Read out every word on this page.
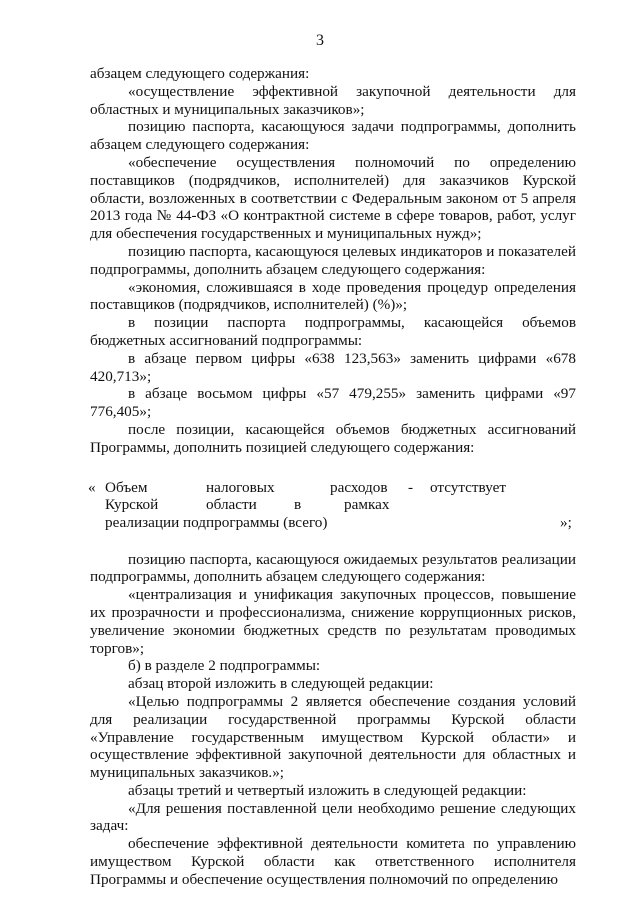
3

абзацем следующего содержания:

«осуществление эффективной закупочной деятельности для областных и муниципальных заказчиков»;

позицию паспорта, касающуюся задачи подпрограммы, дополнить абзацем следующего содержания:

«обеспечение осуществления полномочий по определению поставщиков (подрядчиков, исполнителей) для заказчиков Курской области, возложенных в соответствии с Федеральным законом от 5 апреля 2013 года № 44-ФЗ «О контрактной системе в сфере товаров, работ, услуг для обеспечения государственных и муниципальных нужд»;

позицию паспорта, касающуюся целевых индикаторов и показателей подпрограммы, дополнить абзацем следующего содержания:

«экономия, сложившаяся в ходе проведения процедур определения поставщиков (подрядчиков, исполнителей) (%)»;

в позиции паспорта подпрограммы, касающейся объемов бюджетных ассигнований подпрограммы:

в абзаце первом цифры «638 123,563» заменить цифрами «678 420,713»;

в абзаце восьмом цифры «57 479,255» заменить цифрами «97 776,405»;

после позиции, касающейся объемов бюджетных ассигнований Программы, дополнить позицией следующего содержания:

« Объем	налоговых	расходов - отсутствует
Курской	области в	рамках
реализации подпрограммы (всего)	»;

позицию паспорта, касающуюся ожидаемых результатов реализации подпрограммы, дополнить абзацем следующего содержания:

«централизация и унификация закупочных процессов, повышение их прозрачности и профессионализма, снижение коррупционных рисков, увеличение экономии бюджетных средств по результатам проводимых торгов»;

б) в разделе 2 подпрограммы:

абзац второй изложить в следующей редакции:

«Целью подпрограммы 2 является обеспечение создания условий для реализации государственной программы Курской области «Управление государственным имуществом Курской области» и осуществление эффективной закупочной деятельности для областных и муниципальных заказчиков.»;

абзацы третий и четвертый изложить в следующей редакции:

«Для решения поставленной цели необходимо решение следующих задач:

обеспечение эффективной деятельности комитета по управлению имуществом Курской области как ответственного исполнителя Программы и обеспечение осуществления полномочий по определению
